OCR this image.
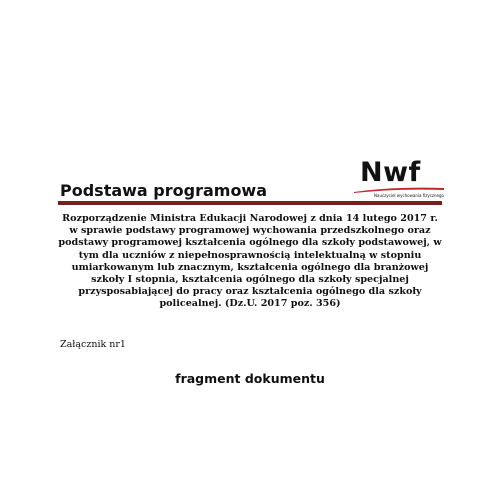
Nwf
Nauczyciel wychowania fizycznego
Podstawa programowa
Rozporządzenie Ministra Edukacji Narodowej z dnia 14 lutego 2017 r. w sprawie podstawy programowej wychowania przedszkolnego oraz podstawy programowej kształcenia ogólnego dla szkoły podstawowej, w tym dla uczniów z niepełnosprawnością intelektualną w stopniu umiarkowanym lub znacznym, kształcenia ogólnego dla branżowej szkoły I stopnia, kształcenia ogólnego dla szkoły specjalnej przysposabiającej do pracy oraz kształcenia ogólnego dla szkoły policealnej. (Dz.U. 2017 poz. 356)
Załącznik nr1
fragment dokumentu
